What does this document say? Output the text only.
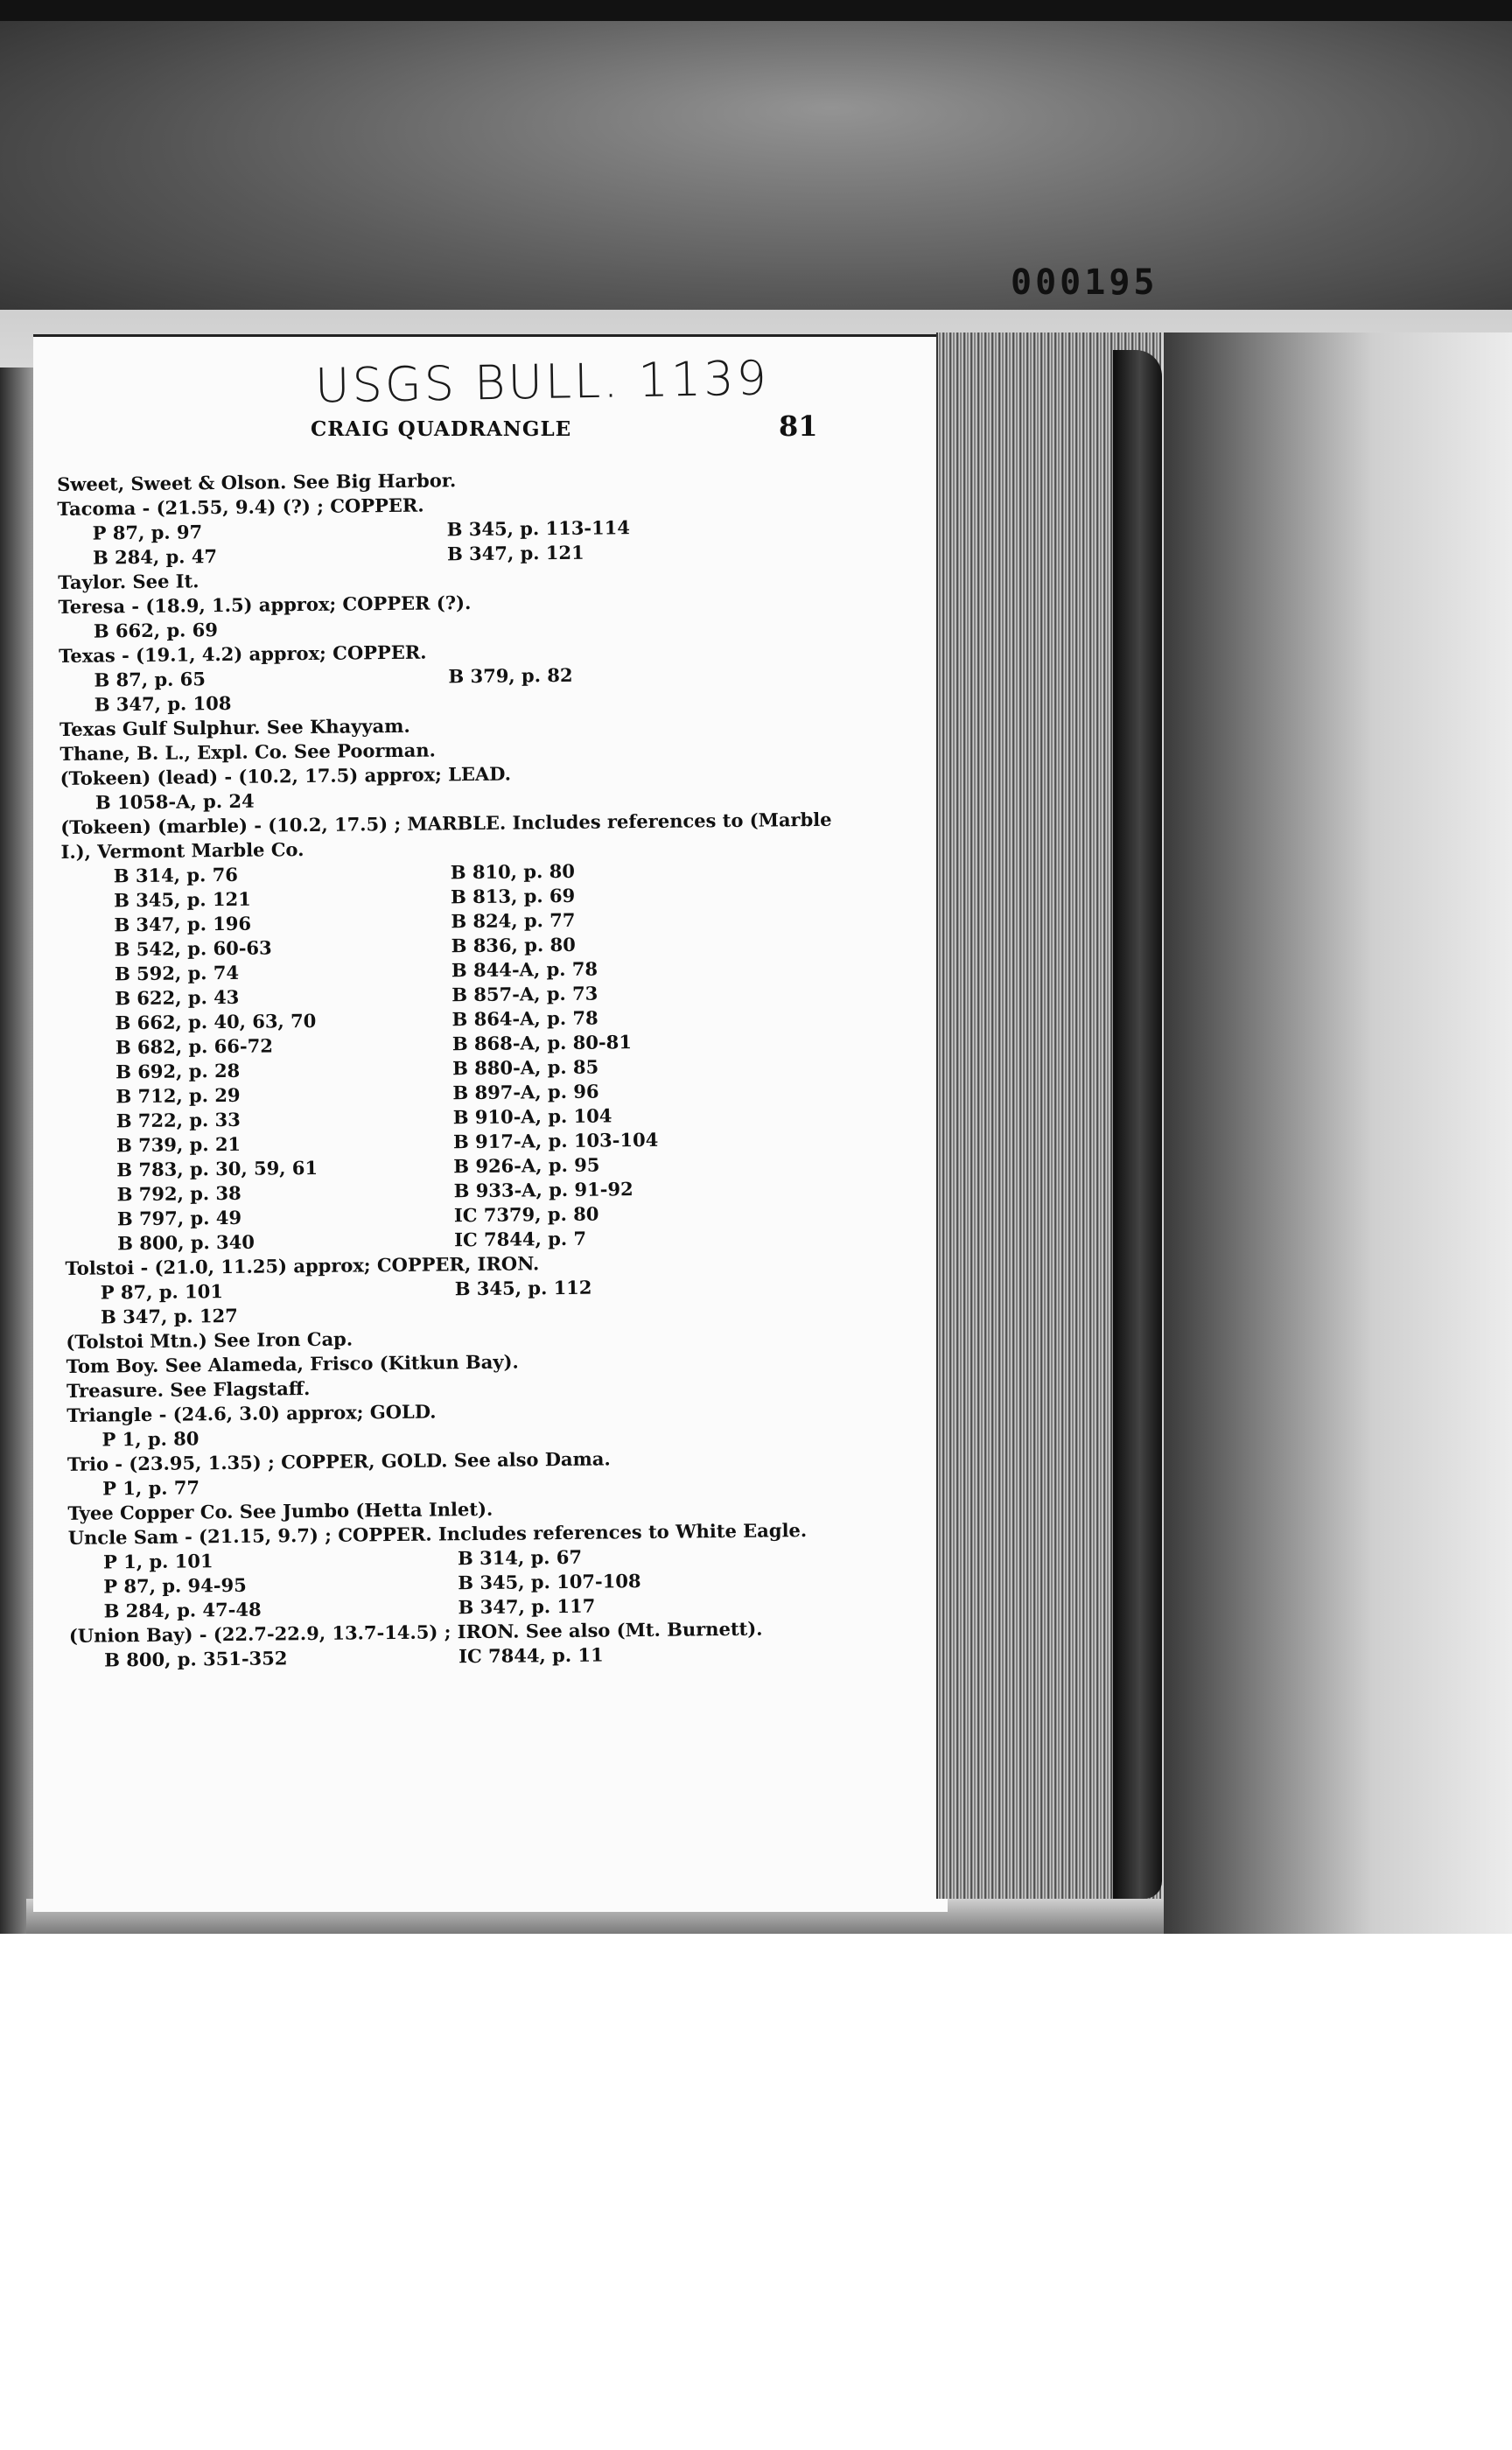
000195
USGS BULL. 1139
CRAIG QUADRANGLE	81
Sweet, Sweet & Olson. See Big Harbor.
Tacoma - (21.55, 9.4) (?) ; COPPER.
P 87, p. 97	B 345, p. 113-114
B 284, p. 47	B 347, p. 121
Taylor. See It.
Teresa - (18.9, 1.5) approx; COPPER (?).
B 662, p. 69
Texas - (19.1, 4.2) approx; COPPER.
B 87, p. 65	B 379, p. 82
B 347, p. 108
Texas Gulf Sulphur. See Khayyam.
Thane, B. L., Expl. Co. See Poorman.
(Tokeen) (lead) - (10.2, 17.5) approx; LEAD.
B 1058-A, p. 24
(Tokeen) (marble) - (10.2, 17.5) ; MARBLE. Includes references to (Marble
I.), Vermont Marble Co.
B 314, p. 76	B 810, p. 80
B 345, p. 121	B 813, p. 69
B 347, p. 196	B 824, p. 77
B 542, p. 60-63	B 836, p. 80
B 592, p. 74	B 844-A, p. 78
B 622, p. 43	B 857-A, p. 73
B 662, p. 40, 63, 70	B 864-A, p. 78
B 682, p. 66-72	B 868-A, p. 80-81
B 692, p. 28	B 880-A, p. 85
B 712, p. 29	B 897-A, p. 96
B 722, p. 33	B 910-A, p. 104
B 739, p. 21	B 917-A, p. 103-104
B 783, p. 30, 59, 61	B 926-A, p. 95
B 792, p. 38	B 933-A, p. 91-92
B 797, p. 49	IC 7379, p. 80
B 800, p. 340	IC 7844, p. 7
Tolstoi - (21.0, 11.25) approx; COPPER, IRON.
P 87, p. 101	B 345, p. 112
B 347, p. 127
(Tolstoi Mtn.) See Iron Cap.
Tom Boy. See Alameda, Frisco (Kitkun Bay).
Treasure. See Flagstaff.
Triangle - (24.6, 3.0) approx; GOLD.
P 1, p. 80
Trio - (23.95, 1.35) ; COPPER, GOLD. See also Dama.
P 1, p. 77
Tyee Copper Co. See Jumbo (Hetta Inlet).
Uncle Sam - (21.15, 9.7) ; COPPER. Includes references to White Eagle.
P 1, p. 101	B 314, p. 67
P 87, p. 94-95	B 345, p. 107-108
B 284, p. 47-48	B 347, p. 117
(Union Bay) - (22.7-22.9, 13.7-14.5) ; IRON. See also (Mt. Burnett).
B 800, p. 351-352	IC 7844, p. 11
